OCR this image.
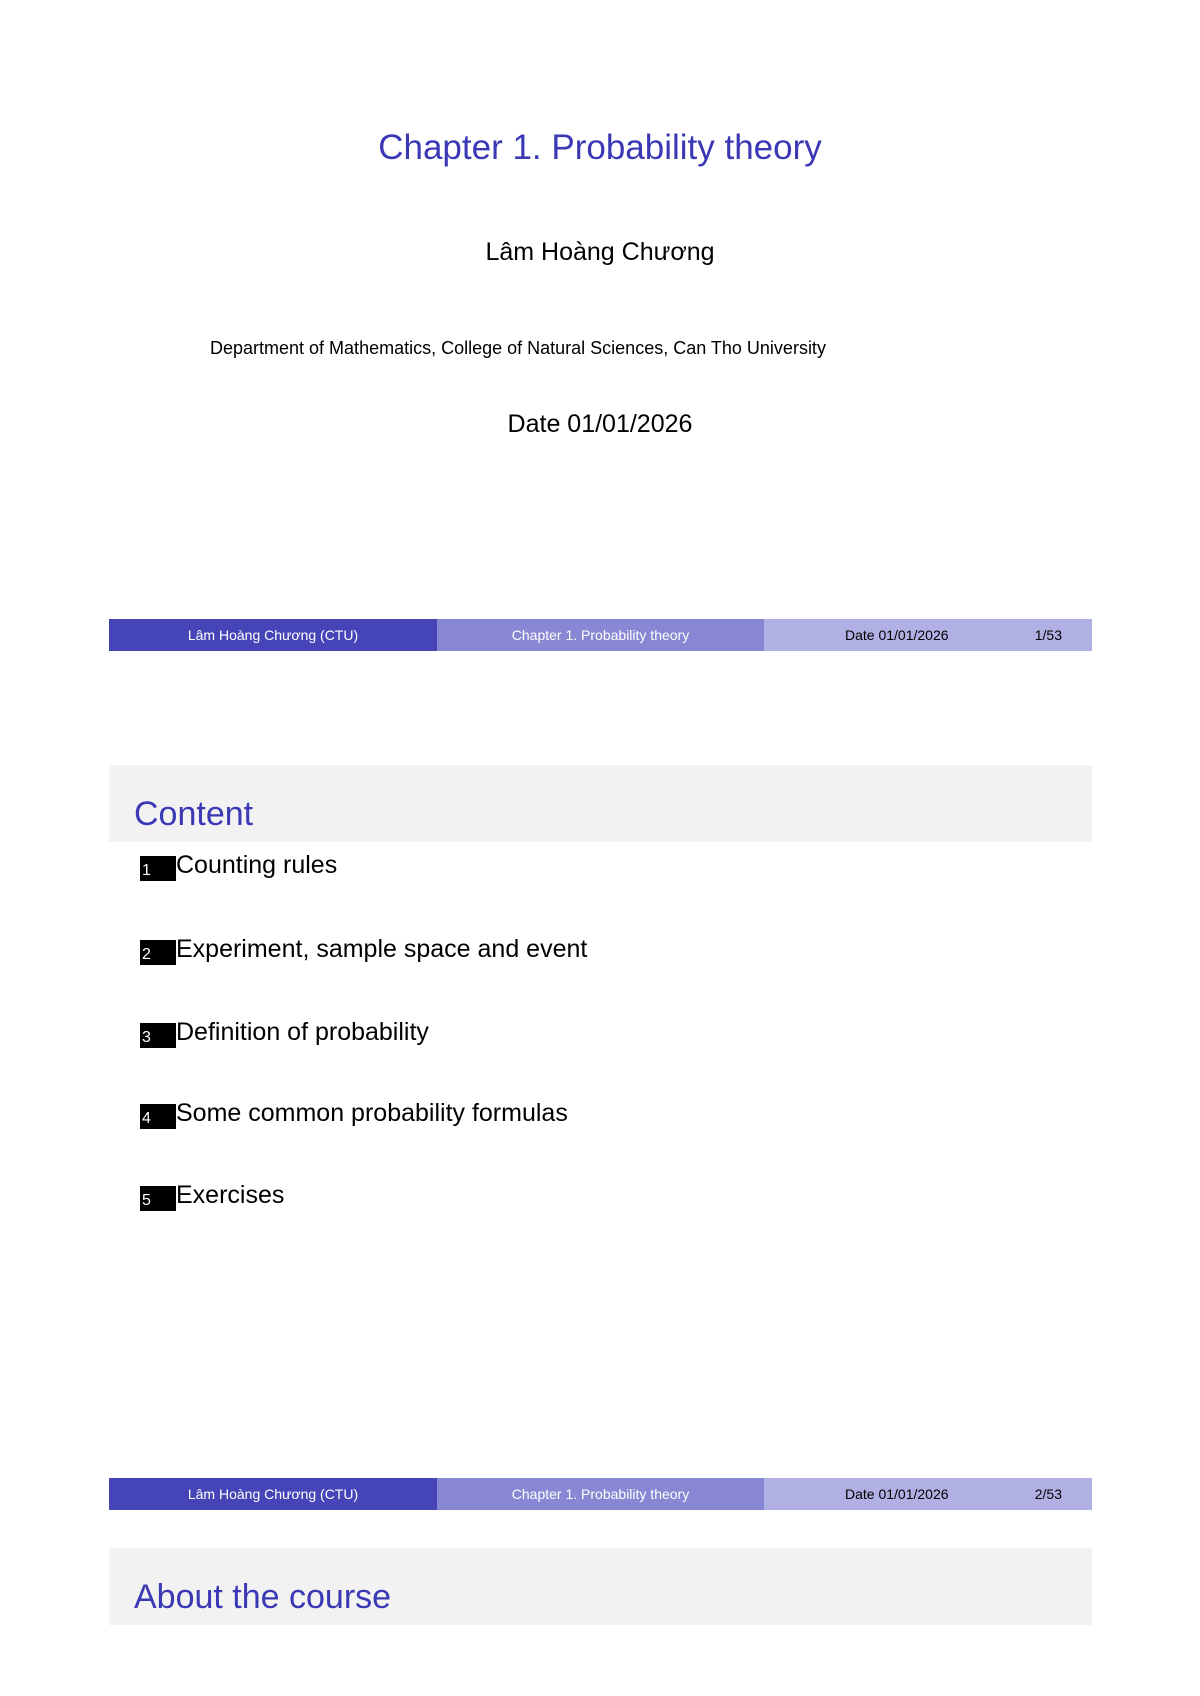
Chapter 1. Probability theory
Lâm Hoàng Chương
Department of Mathematics, College of Natural Sciences, Can Tho University
Date 01/01/2026
Lâm Hoàng Chương (CTU)	Chapter 1. Probability theory	Date 01/01/2026	1/53
Content
1	Counting rules
2	Experiment, sample space and event
3	Definition of probability
4	Some common probability formulas
5	Exercises
Lâm Hoàng Chương (CTU)	Chapter 1. Probability theory	Date 01/01/2026	2/53
About the course
